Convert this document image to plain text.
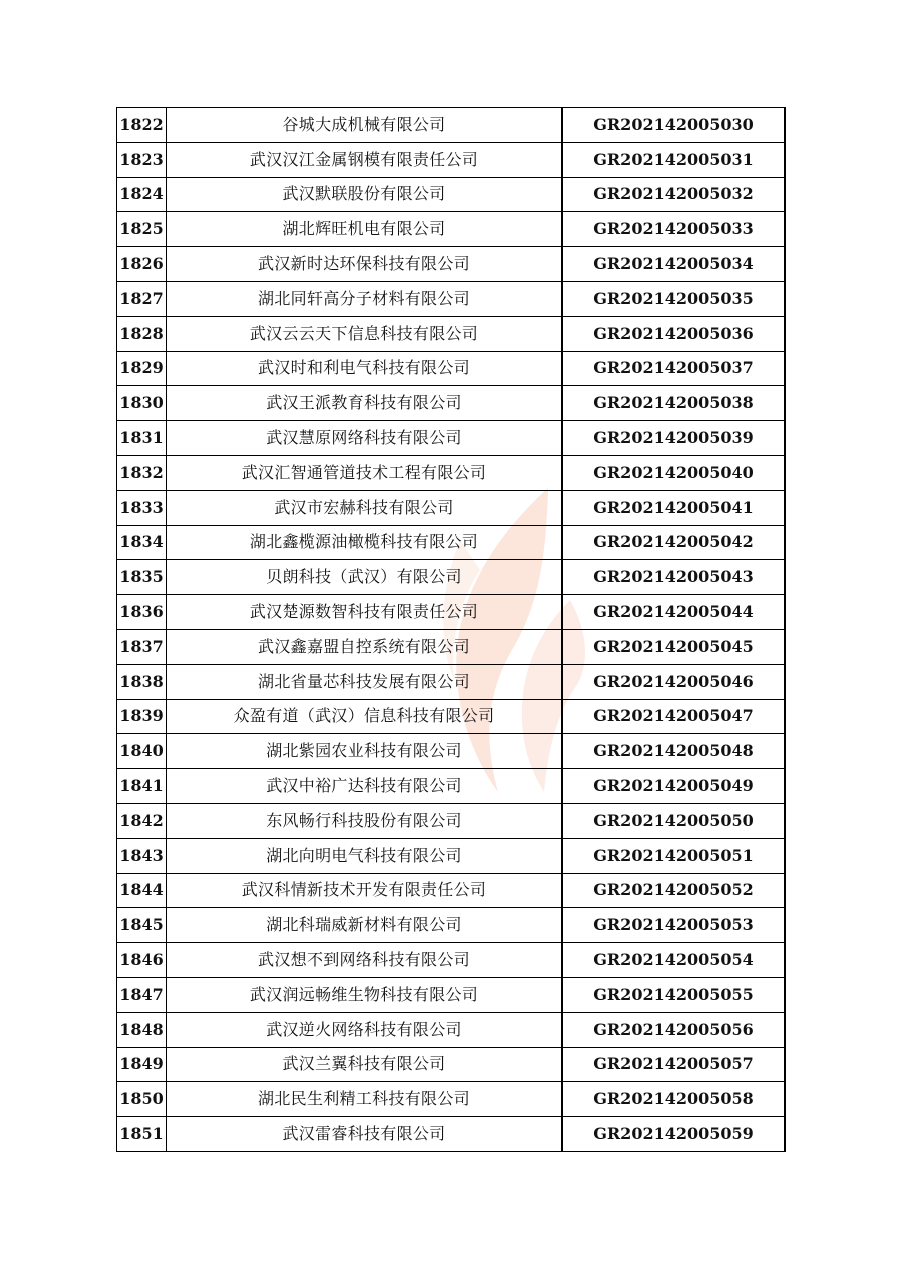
1822	谷城大成机械有限公司	GR202142005030
1823	武汉汉江金属钢模有限责任公司	GR202142005031
1824	武汉默联股份有限公司	GR202142005032
1825	湖北辉旺机电有限公司	GR202142005033
1826	武汉新时达环保科技有限公司	GR202142005034
1827	湖北同轩高分子材料有限公司	GR202142005035
1828	武汉云云天下信息科技有限公司	GR202142005036
1829	武汉时和利电气科技有限公司	GR202142005037
1830	武汉王派教育科技有限公司	GR202142005038
1831	武汉慧原网络科技有限公司	GR202142005039
1832	武汉汇智通管道技术工程有限公司	GR202142005040
1833	武汉市宏赫科技有限公司	GR202142005041
1834	湖北鑫榄源油橄榄科技有限公司	GR202142005042
1835	贝朗科技（武汉）有限公司	GR202142005043
1836	武汉楚源数智科技有限责任公司	GR202142005044
1837	武汉鑫嘉盟自控系统有限公司	GR202142005045
1838	湖北省量芯科技发展有限公司	GR202142005046
1839	众盈有道（武汉）信息科技有限公司	GR202142005047
1840	湖北紫园农业科技有限公司	GR202142005048
1841	武汉中裕广达科技有限公司	GR202142005049
1842	东风畅行科技股份有限公司	GR202142005050
1843	湖北向明电气科技有限公司	GR202142005051
1844	武汉科情新技术开发有限责任公司	GR202142005052
1845	湖北科瑞威新材料有限公司	GR202142005053
1846	武汉想不到网络科技有限公司	GR202142005054
1847	武汉润远畅维生物科技有限公司	GR202142005055
1848	武汉逆火网络科技有限公司	GR202142005056
1849	武汉兰翼科技有限公司	GR202142005057
1850	湖北民生利精工科技有限公司	GR202142005058
1851	武汉雷睿科技有限公司	GR202142005059
